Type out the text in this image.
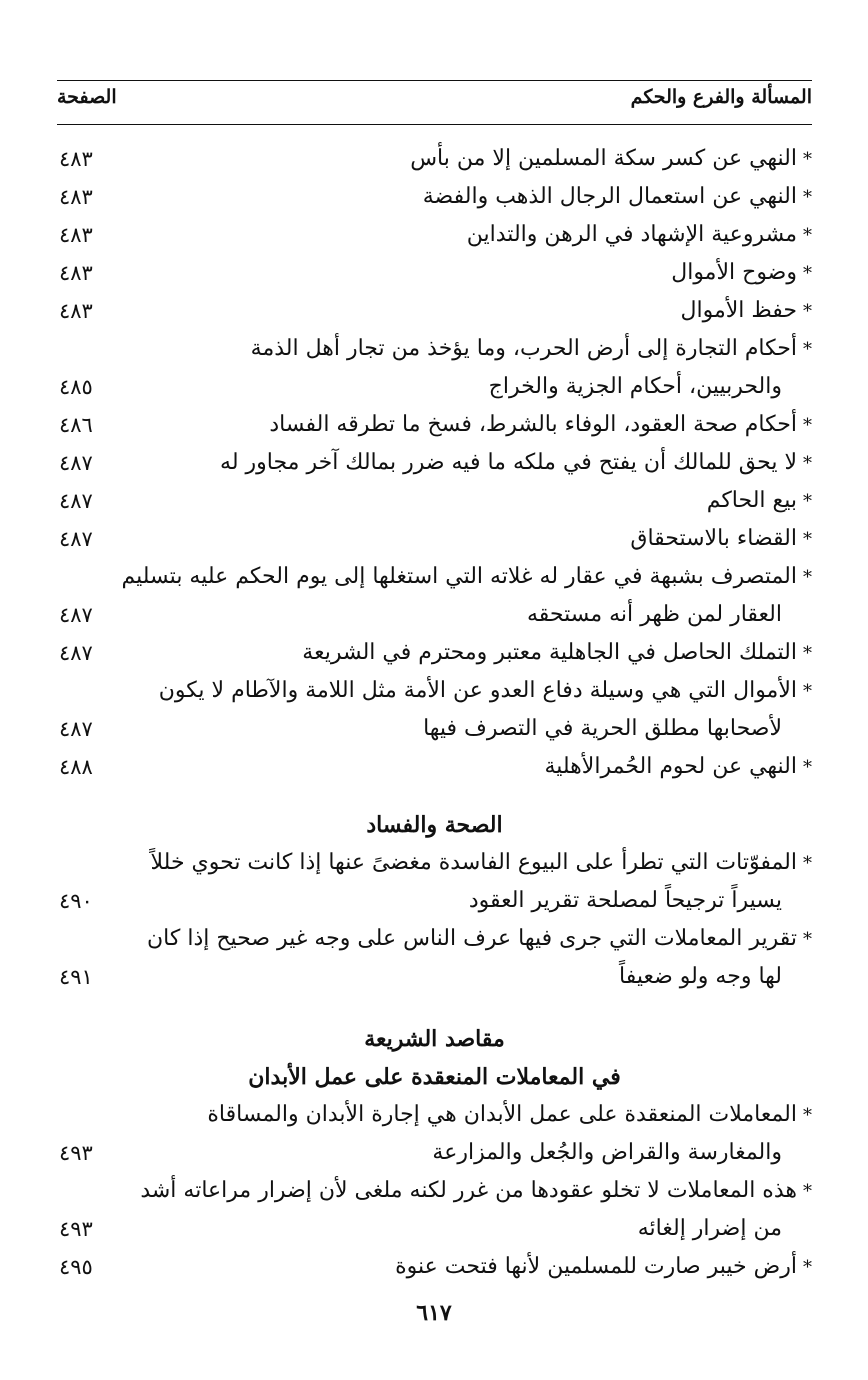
المسألة والفرع والحكم
الصفحة
*النهي عن كسر سكة المسلمين إلا من بأس
٤٨٣
*النهي عن استعمال الرجال الذهب والفضة
٤٨٣
*مشروعية الإشهاد في الرهن والتداين
٤٨٣
*وضوح الأموال
٤٨٣
*حفظ الأموال
٤٨٣
*أحكام التجارة إلى أرض الحرب، وما يؤخذ من تجار أهل الذمة
والحربيين، أحكام الجزية والخراج
٤٨٥
*أحكام صحة العقود، الوفاء بالشرط، فسخ ما تطرقه الفساد
٤٨٦
*لا يحق للمالك أن يفتح في ملكه ما فيه ضرر بمالك آخر مجاور له
٤٨٧
*بيع الحاكم
٤٨٧
*القضاء بالاستحقاق
٤٨٧
*المتصرف بشبهة في عقار له غلاته التي استغلها إلى يوم الحكم عليه بتسليم
العقار لمن ظهر أنه مستحقه
٤٨٧
*التملك الحاصل في الجاهلية معتبر ومحترم في الشريعة
٤٨٧
*الأموال التي هي وسيلة دفاع العدو عن الأمة مثل اللامة والآطام لا يكون
لأصحابها مطلق الحرية في التصرف فيها
٤٨٧
*النهي عن لحوم الحُمرالأهلية
٤٨٨
الصحة والفساد
*المفوّتات التي تطرأ على البيوع الفاسدة مغضىً عنها إذا كانت تحوي خللاً
يسيراً ترجيحاً لمصلحة تقرير العقود
٤٩٠
*تقرير المعاملات التي جرى فيها عرف الناس على وجه غير صحيح إذا كان
لها وجه ولو ضعيفاً
٤٩١
مقاصد الشريعة
في المعاملات المنعقدة على عمل الأبدان
*المعاملات المنعقدة على عمل الأبدان هي إجارة الأبدان والمساقاة
والمغارسة والقراض والجُعل والمزارعة
٤٩٣
*هذه المعاملات لا تخلو عقودها من غرر لكنه ملغى لأن إضرار مراعاته أشد
من إضرار إلغائه
٤٩٣
*أرض خيبر صارت للمسلمين لأنها فتحت عنوة
٤٩٥
٦١٧
